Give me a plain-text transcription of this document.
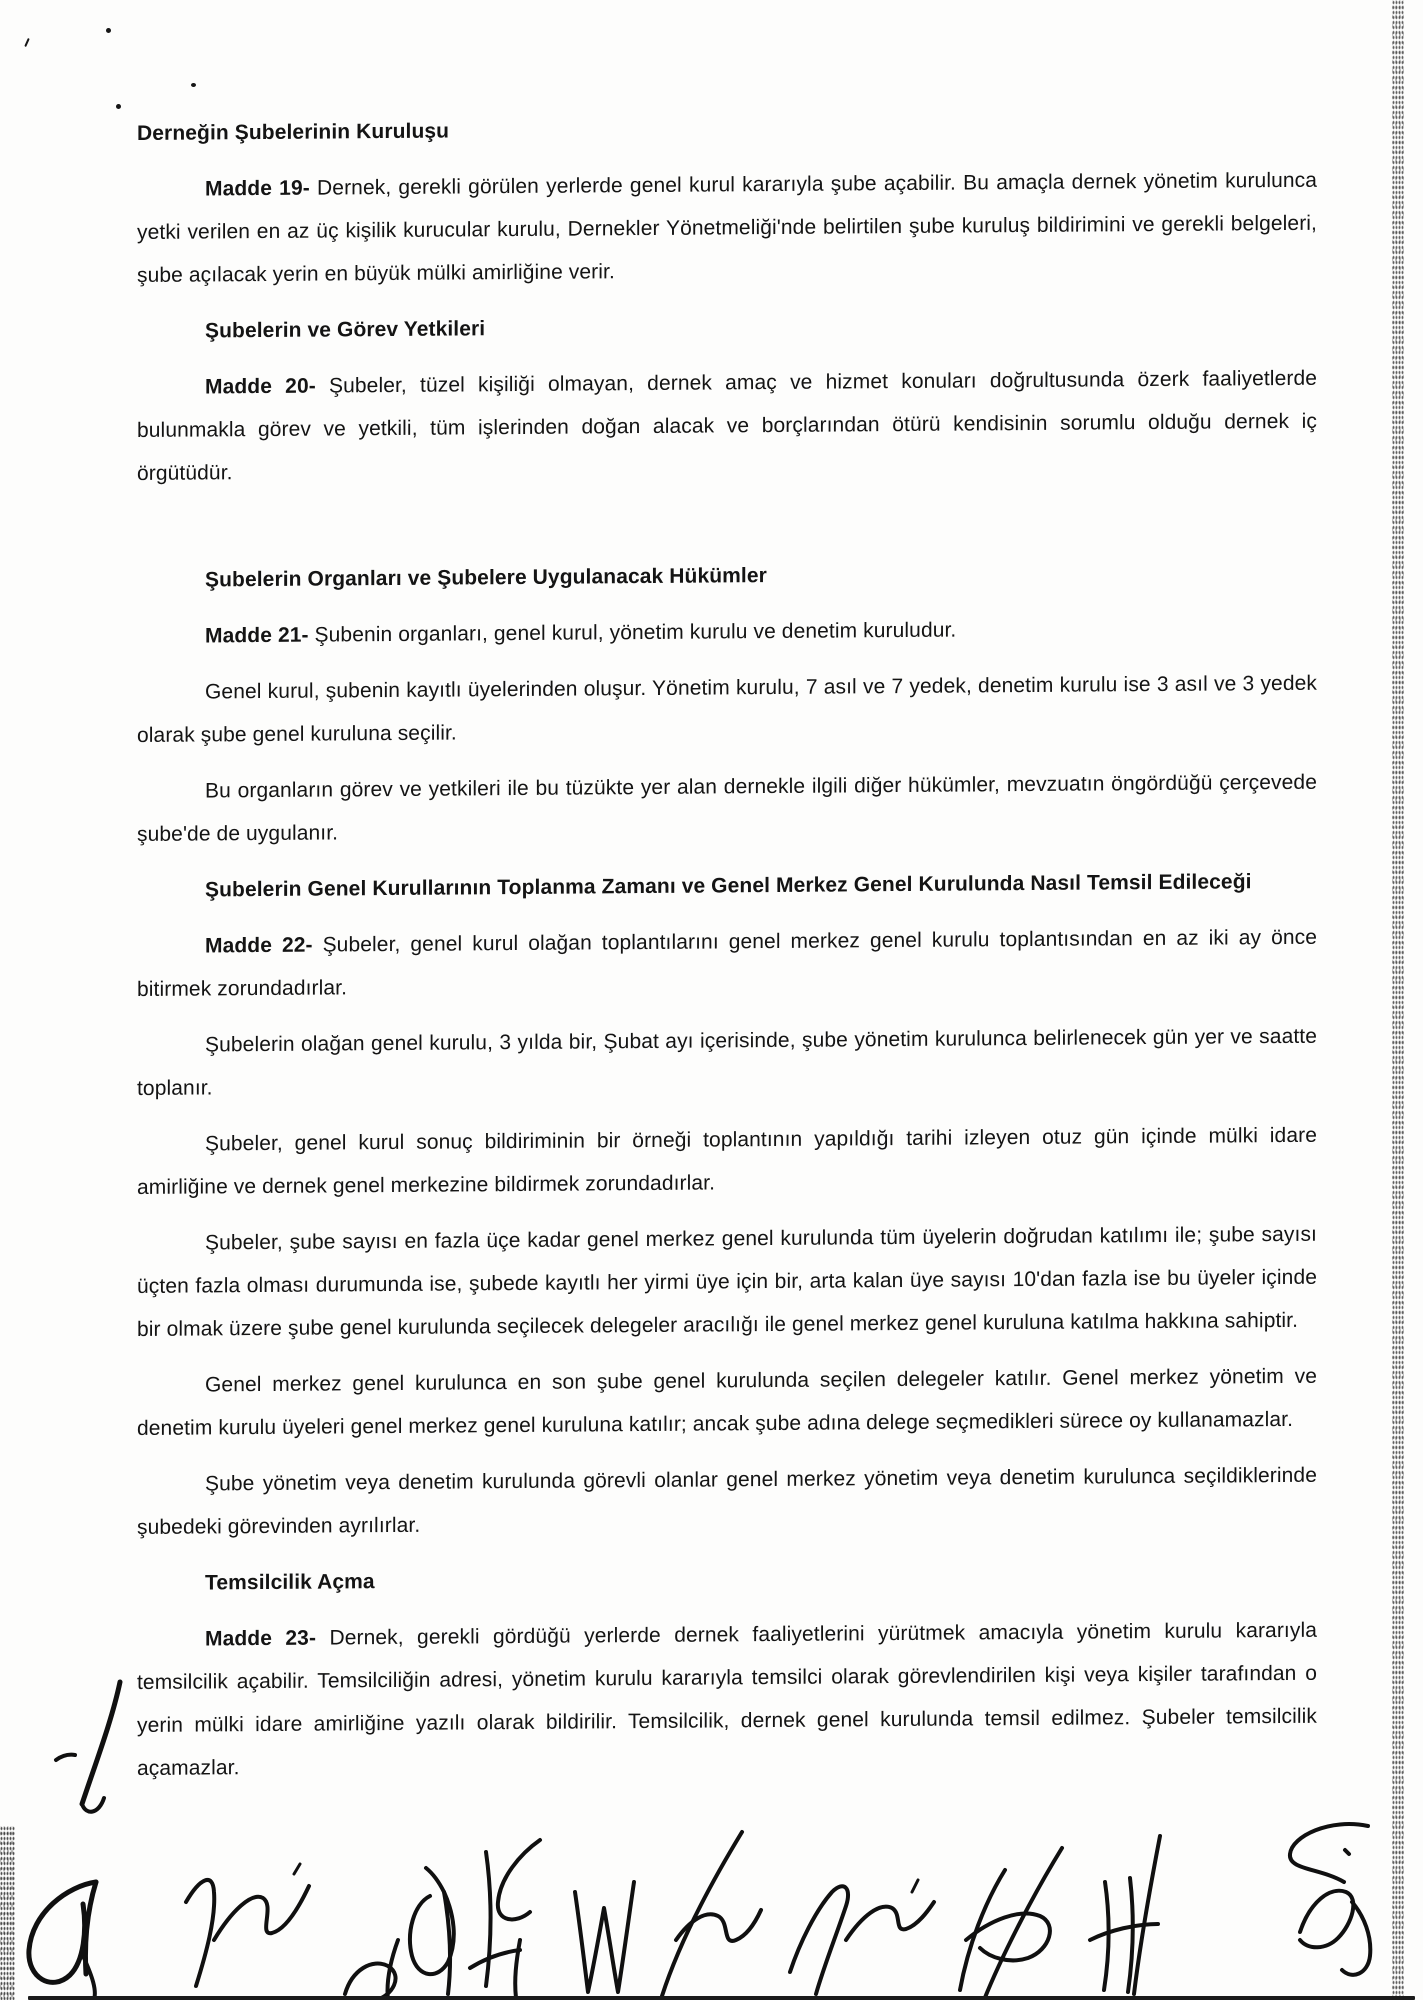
Derneğin Şubelerinin Kuruluşu
Madde 19- Dernek, gerekli görülen yerlerde genel kurul kararıyla şube açabilir. Bu amaçla dernek yönetim kurulunca yetki verilen en az üç kişilik kurucular kurulu, Dernekler Yönetmeliği'nde belirtilen şube kuruluş bildirimini ve gerekli belgeleri, şube açılacak yerin en büyük mülki amirliğine verir.
Şubelerin ve Görev Yetkileri
Madde 20- Şubeler, tüzel kişiliği olmayan, dernek amaç ve hizmet konuları doğrultusunda özerk faaliyetlerde bulunmakla görev ve yetkili, tüm işlerinden doğan alacak ve borçlarından ötürü kendisinin sorumlu olduğu dernek iç örgütüdür.
Şubelerin Organları ve Şubelere Uygulanacak Hükümler
Madde 21- Şubenin organları, genel kurul, yönetim kurulu ve denetim kuruludur.
Genel kurul, şubenin kayıtlı üyelerinden oluşur. Yönetim kurulu, 7 asıl ve 7 yedek, denetim kurulu ise 3 asıl ve 3 yedek olarak şube genel kuruluna seçilir.
Bu organların görev ve yetkileri ile bu tüzükte yer alan dernekle ilgili diğer hükümler, mevzuatın öngördüğü çerçevede şube'de de uygulanır.
Şubelerin Genel Kurullarının Toplanma Zamanı ve Genel Merkez Genel Kurulunda Nasıl Temsil Edileceği
Madde 22- Şubeler, genel kurul olağan toplantılarını genel merkez genel kurulu toplantısından en az iki ay önce bitirmek zorundadırlar.
Şubelerin olağan genel kurulu, 3 yılda bir, Şubat ayı içerisinde, şube yönetim kurulunca belirlenecek gün yer ve saatte toplanır.
Şubeler, genel kurul sonuç bildiriminin bir örneği toplantının yapıldığı tarihi izleyen otuz gün içinde mülki idare amirliğine ve dernek genel merkezine bildirmek zorundadırlar.
Şubeler, şube sayısı en fazla üçe kadar genel merkez genel kurulunda tüm üyelerin doğrudan katılımı ile; şube sayısı üçten fazla olması durumunda ise, şubede kayıtlı her yirmi üye için bir, arta kalan üye sayısı 10'dan fazla ise bu üyeler içinde bir olmak üzere şube genel kurulunda seçilecek delegeler aracılığı ile genel merkez genel kuruluna katılma hakkına sahiptir.
Genel merkez genel kurulunca en son şube genel kurulunda seçilen delegeler katılır. Genel merkez yönetim ve denetim kurulu üyeleri genel merkez genel kuruluna katılır; ancak şube adına delege seçmedikleri sürece oy kullanamazlar.
Şube yönetim veya denetim kurulunda görevli olanlar genel merkez yönetim veya denetim kurulunca seçildiklerinde şubedeki görevinden ayrılırlar.
Temsilcilik Açma
Madde 23- Dernek, gerekli gördüğü yerlerde dernek faaliyetlerini yürütmek amacıyla yönetim kurulu kararıyla temsilcilik açabilir. Temsilciliğin adresi, yönetim kurulu kararıyla temsilci olarak görevlendirilen kişi veya kişiler tarafından o yerin mülki idare amirliğine yazılı olarak bildirilir. Temsilcilik, dernek genel kurulunda temsil edilmez. Şubeler temsilcilik açamazlar.
